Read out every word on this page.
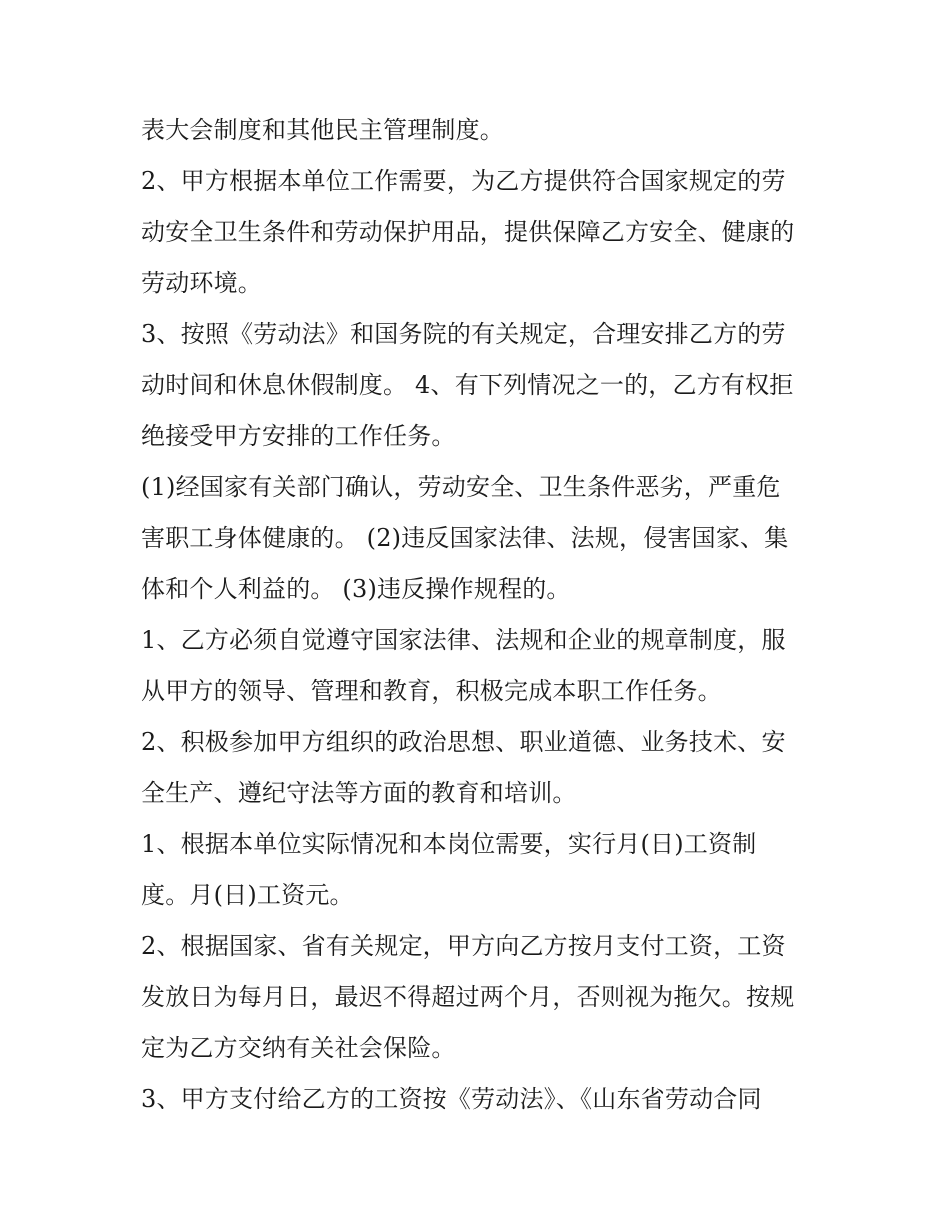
表大会制度和其他民主管理制度。
2、甲方根据本单位工作需要，为乙方提供符合国家规定的劳
动安全卫生条件和劳动保护用品，提供保障乙方安全、健康的
劳动环境。
3、按照《劳动法》和国务院的有关规定，合理安排乙方的劳
动时间和休息休假制度。 4、有下列情况之一的，乙方有权拒
绝接受甲方安排的工作任务。
(1)经国家有关部门确认，劳动安全、卫生条件恶劣，严重危
害职工身体健康的。 (2)违反国家法律、法规，侵害国家、集
体和个人利益的。 (3)违反操作规程的。
1、乙方必须自觉遵守国家法律、法规和企业的规章制度，服
从甲方的领导、管理和教育，积极完成本职工作任务。
2、积极参加甲方组织的政治思想、职业道德、业务技术、安
全生产、遵纪守法等方面的教育和培训。
1、根据本单位实际情况和本岗位需要，实行月(日)工资制
度。月(日)工资元。
2、根据国家、省有关规定，甲方向乙方按月支付工资，工资
发放日为每月日，最迟不得超过两个月，否则视为拖欠。按规
定为乙方交纳有关社会保险。
3、甲方支付给乙方的工资按《劳动法》、《山东省劳动合同
